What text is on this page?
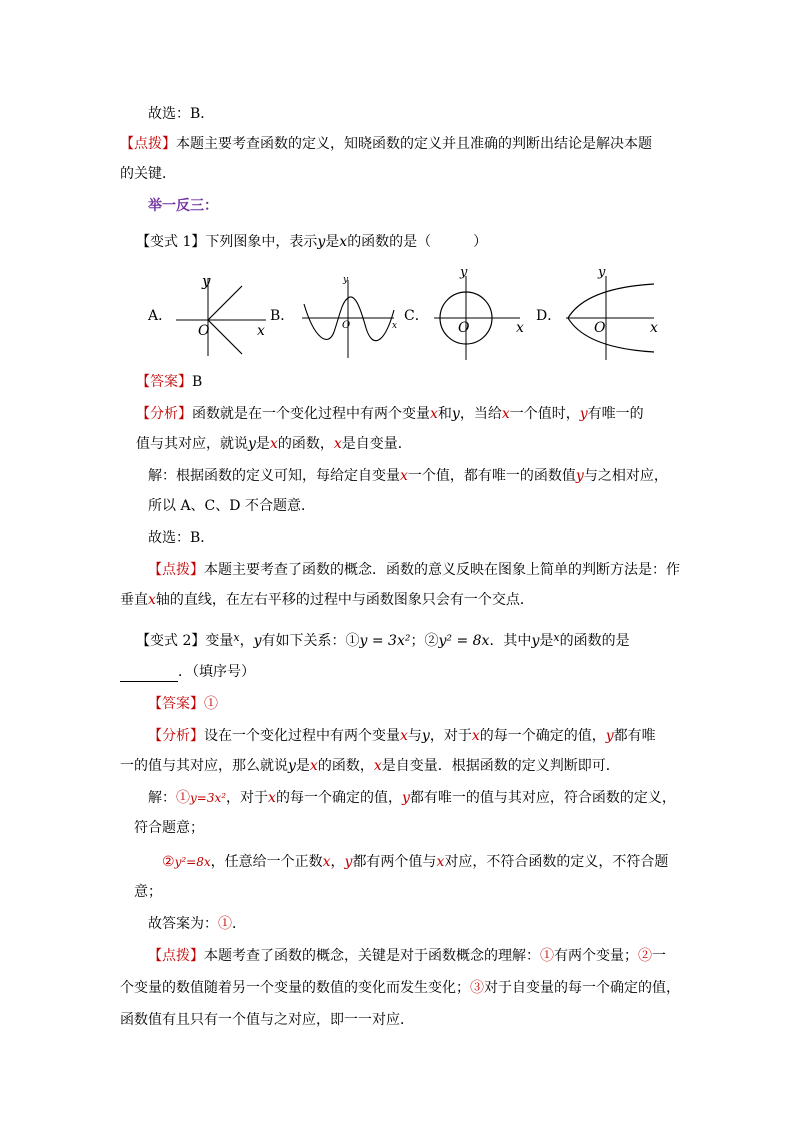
故选：B．
【点拨】本题主要考查函数的定义，知晓函数的定义并且准确的判断出结论是解决本题
的关键．
举一反三：
【变式 1】下列图象中，表示y是x的函数的是（　　　）
A．	B．	C．	D．
y
O	x
y
O	x
y
O	x
y
O	x
【答案】B
【分析】函数就是在一个变化过程中有两个变量x和y，当给x一个值时，y有唯一的
值与其对应，就说y是x的函数，x是自变量．
解：根据函数的定义可知，每给定自变量x一个值，都有唯一的函数值y与之相对应，
所以 A、C、D 不合题意．
故选：B．
【点拨】本题主要考查了函数的概念．函数的意义反映在图象上简单的判断方法是：作
垂直x轴的直线，在左右平移的过程中与函数图象只会有一个交点．
【变式 2】变量$^x$，y有如下关系：①y = 3x²；②y² = 8x．其中y是$^x$的函数的是
．（填序号）
【答案】①
【分析】设在一个变化过程中有两个变量x与y，对于x的每一个确定的值，y都有唯
一的值与其对应，那么就说y是x的函数，x是自变量．根据函数的定义判断即可．
解：①y=3x²，对于x的每一个确定的值，y都有唯一的值与其对应，符合函数的定义，
符合题意；
②y²=8x，任意给一个正数x，y都有两个值与x对应，不符合函数的定义，不符合题
意；
故答案为：①．
【点拨】本题考查了函数的概念，关键是对于函数概念的理解：①有两个变量；②一
个变量的数值随着另一个变量的数值的变化而发生变化；③对于自变量的每一个确定的值，
函数值有且只有一个值与之对应，即一一对应．
